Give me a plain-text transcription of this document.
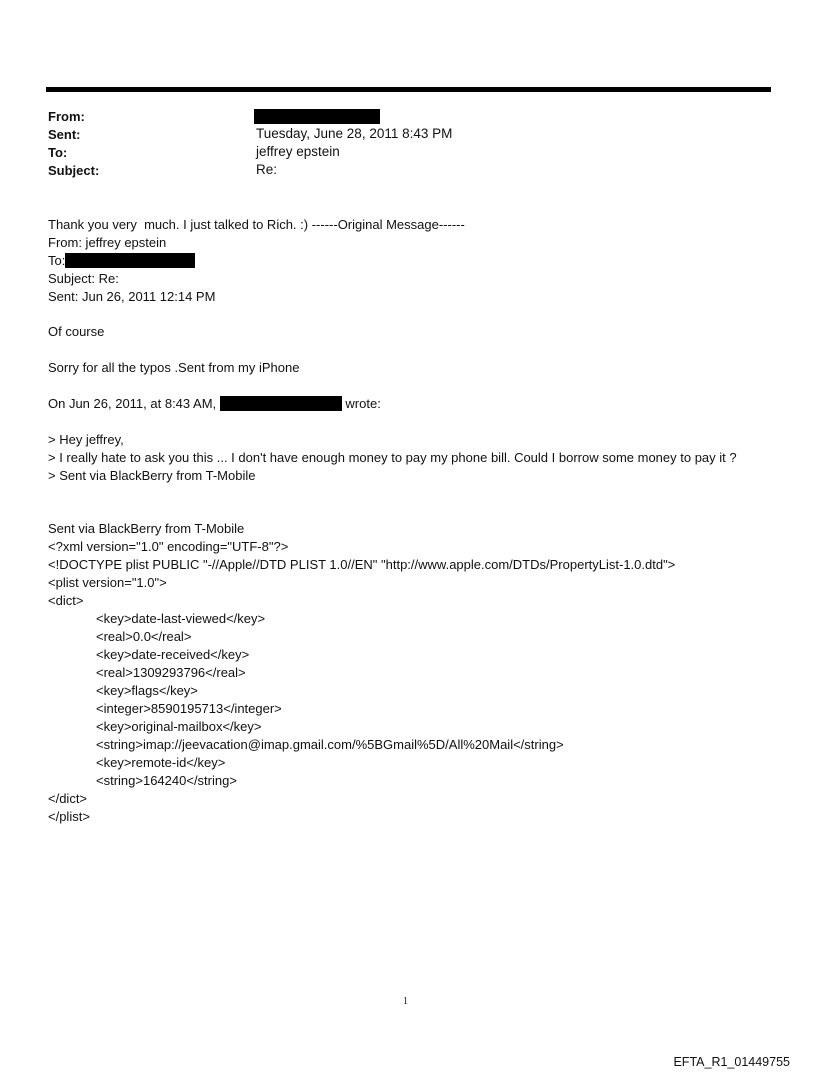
From:
Sent:	Tuesday, June 28, 2011 8:43 PM
To:	jeffrey epstein
Subject:	Re:
Thank you very  much. I just talked to Rich. :) ------Original Message------
From: jeffrey epstein
To:
Subject: Re:
Sent: Jun 26, 2011 12:14 PM
Of course
Sorry for all the typos .Sent from my iPhone
On Jun 26, 2011, at 8:43 AM,	wrote:
> Hey jeffrey,
> I really hate to ask you this ... I don't have enough money to pay my phone bill. Could I borrow some money to pay it ?
> Sent via BlackBerry from T-Mobile
Sent via BlackBerry from T-Mobile
<?xml version="1.0" encoding="UTF-8"?>
<!DOCTYPE plist PUBLIC "-//Apple//DTD PLIST 1.0//EN" "http://www.apple.com/DTDs/PropertyList-1.0.dtd">
<plist version="1.0">
<dict>
<key>date-last-viewed</key>
<real>0.0</real>
<key>date-received</key>
<real>1309293796</real>
<key>flags</key>
<integer>8590195713</integer>
<key>original-mailbox</key>
<string>imap://jeevacation@imap.gmail.com/%5BGmail%5D/All%20Mail</string>
<key>remote-id</key>
<string>164240</string>
</dict>
</plist>
1
EFTA_R1_01449755
